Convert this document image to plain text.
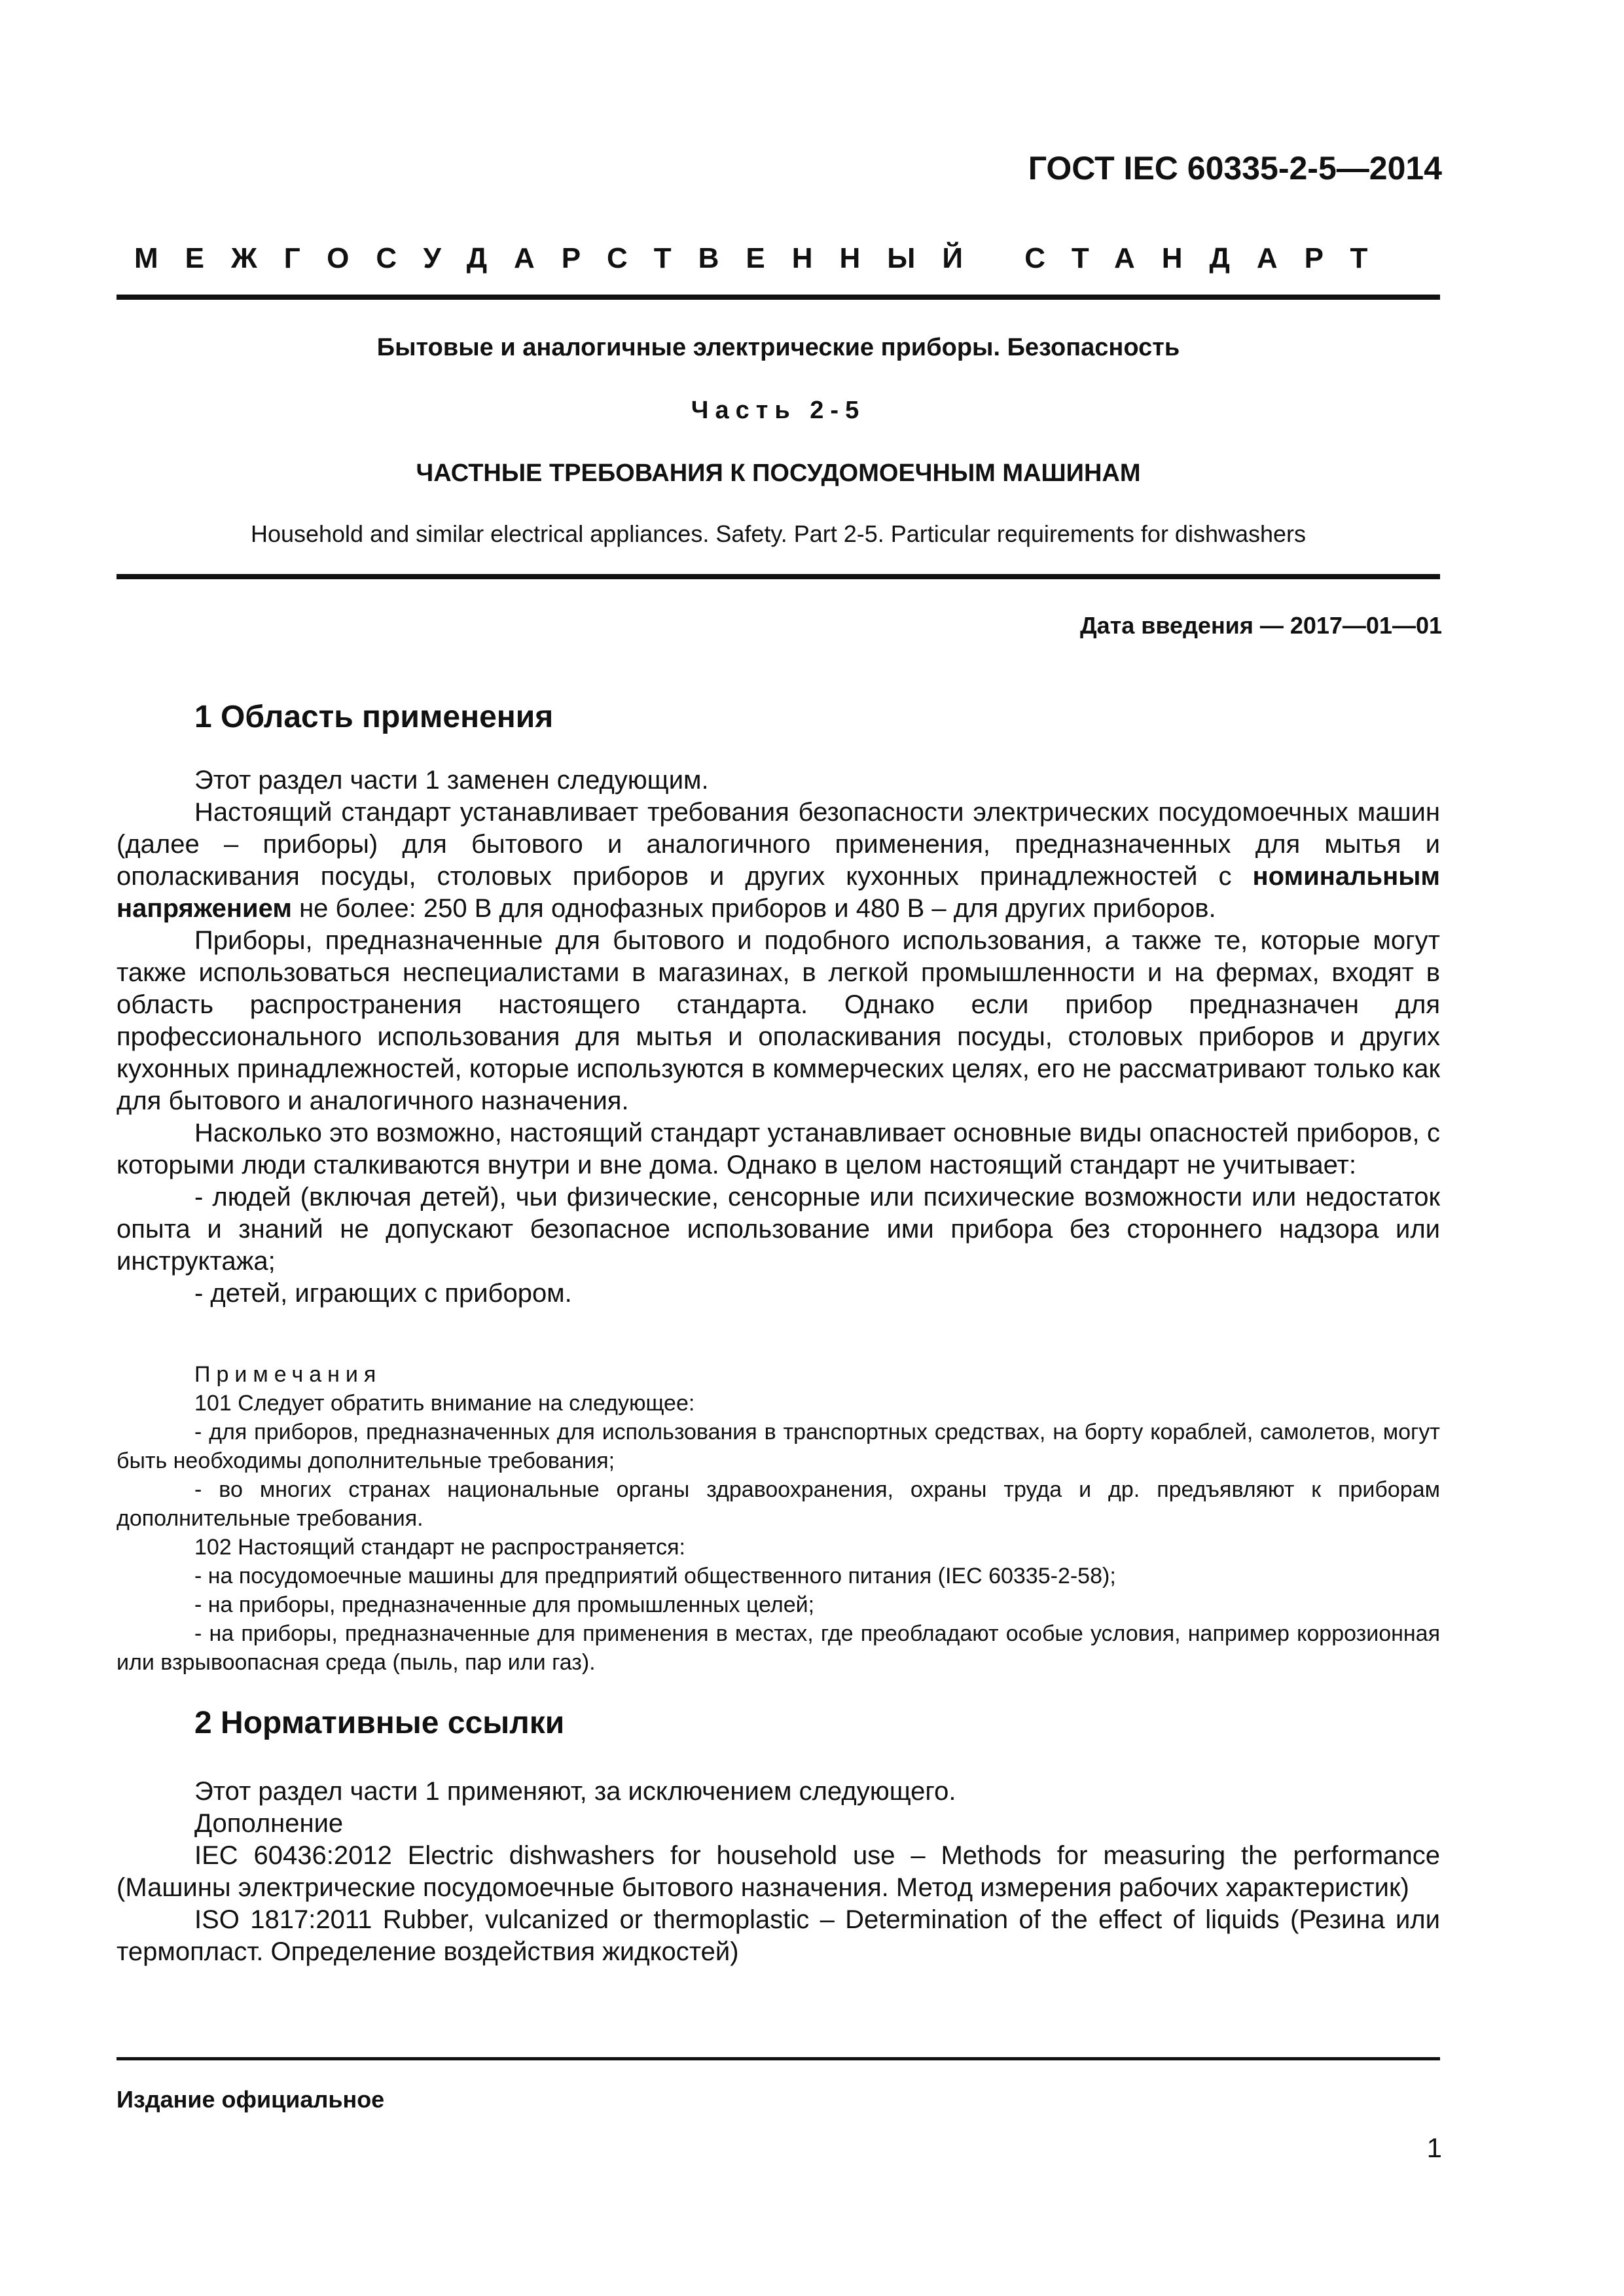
ГОСТ IEC 60335-2-5—2014
МЕЖГОСУДАРСТВЕННЫЙ СТАНДАРТ
Бытовые и аналогичные электрические приборы. Безопасность
Часть 2-5
ЧАСТНЫЕ ТРЕБОВАНИЯ К ПОСУДОМОЕЧНЫМ МАШИНАМ
Household and similar electrical appliances. Safety. Part 2-5. Particular requirements for dishwashers
Дата введения — 2017—01—01
1 Область применения

Этот раздел части 1 заменен следующим.

Настоящий стандарт устанавливает требования безопасности электрических посудомоечных машин (далее – приборы) для бытового и аналогичного применения, предназначенных для мытья и ополаскивания посуды, столовых приборов и других кухонных принадлежностей с номинальным напряжением не более: 250 В для однофазных приборов и 480 В – для других приборов.

Приборы, предназначенные для бытового и подобного использования, а также те, которые могут также использоваться неспециалистами в магазинах, в легкой промышленности и на фермах, входят в область распространения настоящего стандарта. Однако если прибор предназначен для профессионального использования для мытья и ополаскивания посуды, столовых приборов и других кухонных принадлежностей, которые используются в коммерческих целях, его не рассматривают только как для бытового и аналогичного назначения.

Насколько это возможно, настоящий стандарт устанавливает основные виды опасностей приборов, с которыми люди сталкиваются внутри и вне дома. Однако в целом настоящий стандарт не учитывает:

- людей (включая детей), чьи физические, сенсорные или психические возможности или недостаток опыта и знаний не допускают безопасное использование ими прибора без стороннего надзора или инструктажа;

- детей, играющих с прибором.

Примечания

101 Следует обратить внимание на следующее:

- для приборов, предназначенных для использования в транспортных средствах, на борту кораблей, самолетов, могут быть необходимы дополнительные требования;

- во многих странах национальные органы здравоохранения, охраны труда и др. предъявляют к приборам дополнительные требования.

102 Настоящий стандарт не распространяется:

- на посудомоечные машины для предприятий общественного питания (IEC 60335-2-58);

- на приборы, предназначенные для промышленных целей;

- на приборы, предназначенные для применения в местах, где преобладают особые условия, например коррозионная или взрывоопасная среда (пыль, пар или газ).

2 Нормативные ссылки

Этот раздел части 1 применяют, за исключением следующего.

Дополнение

IEC 60436:2012 Electric dishwashers for household use – Methods for measuring the performance (Машины электрические посудомоечные бытового назначения. Метод измерения рабочих характеристик)

ISO 1817:2011 Rubber, vulcanized or thermoplastic – Determination of the effect of liquids (Резина или термопласт. Определение воздействия жидкостей)

Издание официальное
1
